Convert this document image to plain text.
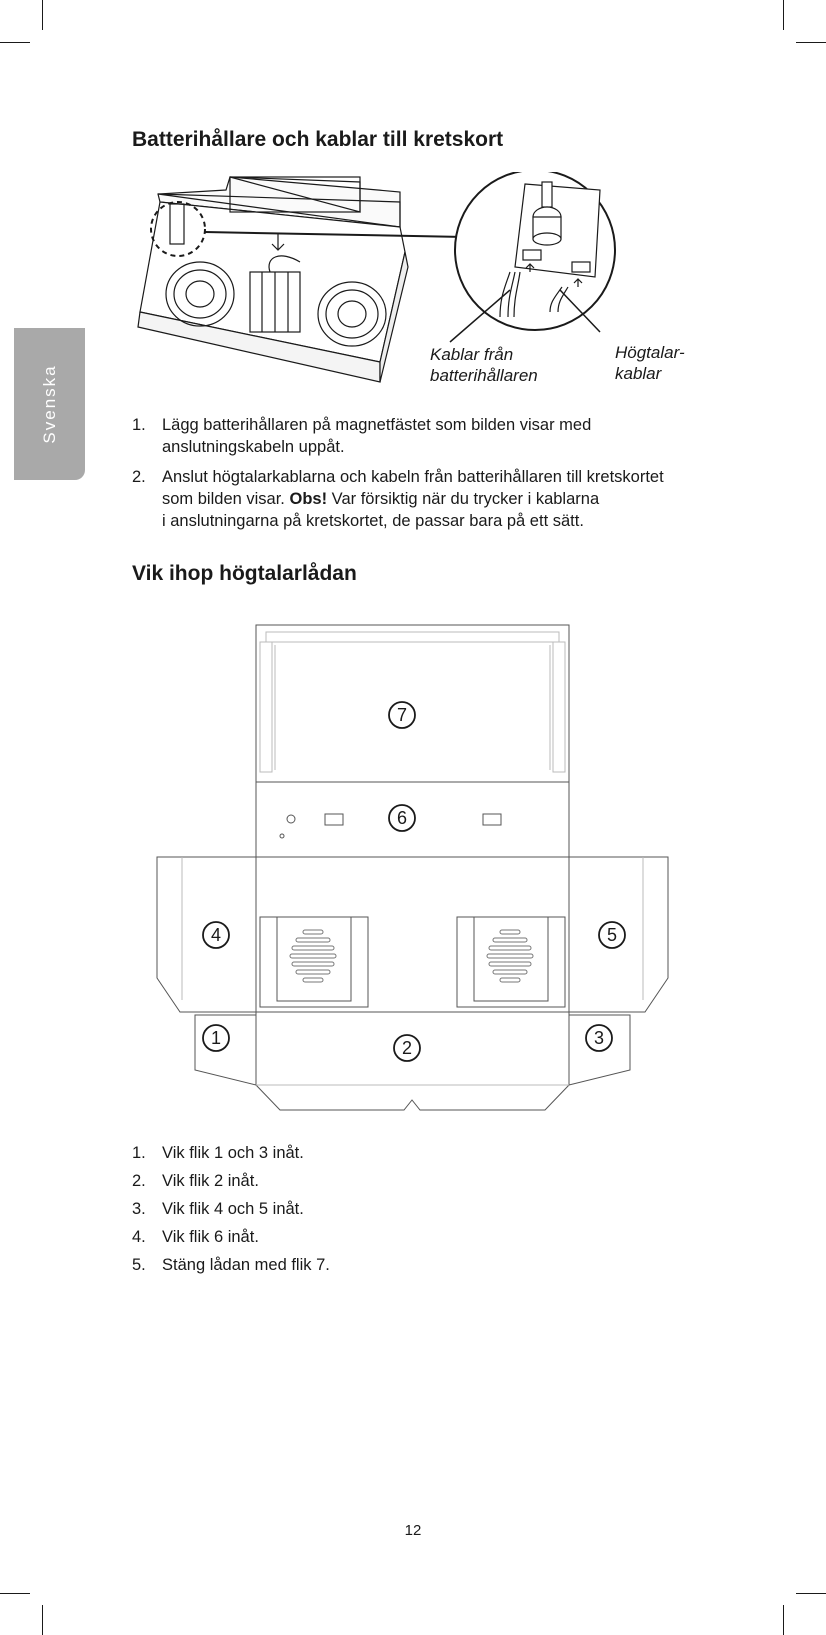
Svenska
Batterihållare och kablar till kretskort
Kablar från
batterihållaren
Högtalar-
kablar
1. Lägg batterihållaren på magnetfästet som bilden visar med
anslutningskabeln uppåt.
2. Anslut högtalarkablarna och kabeln från batterihållaren till kretskortet
som bilden visar. Obs! Var försiktig när du trycker i kablarna
i anslutningarna på kretskortet, de passar bara på ett sätt.
Vik ihop högtalarlådan
7
6
4	5
1	2	3
1. Vik flik 1 och 3 inåt.
2. Vik flik 2 inåt.
3. Vik flik 4 och 5 inåt.
4. Vik flik 6 inåt.
5. Stäng lådan med flik 7.
12
